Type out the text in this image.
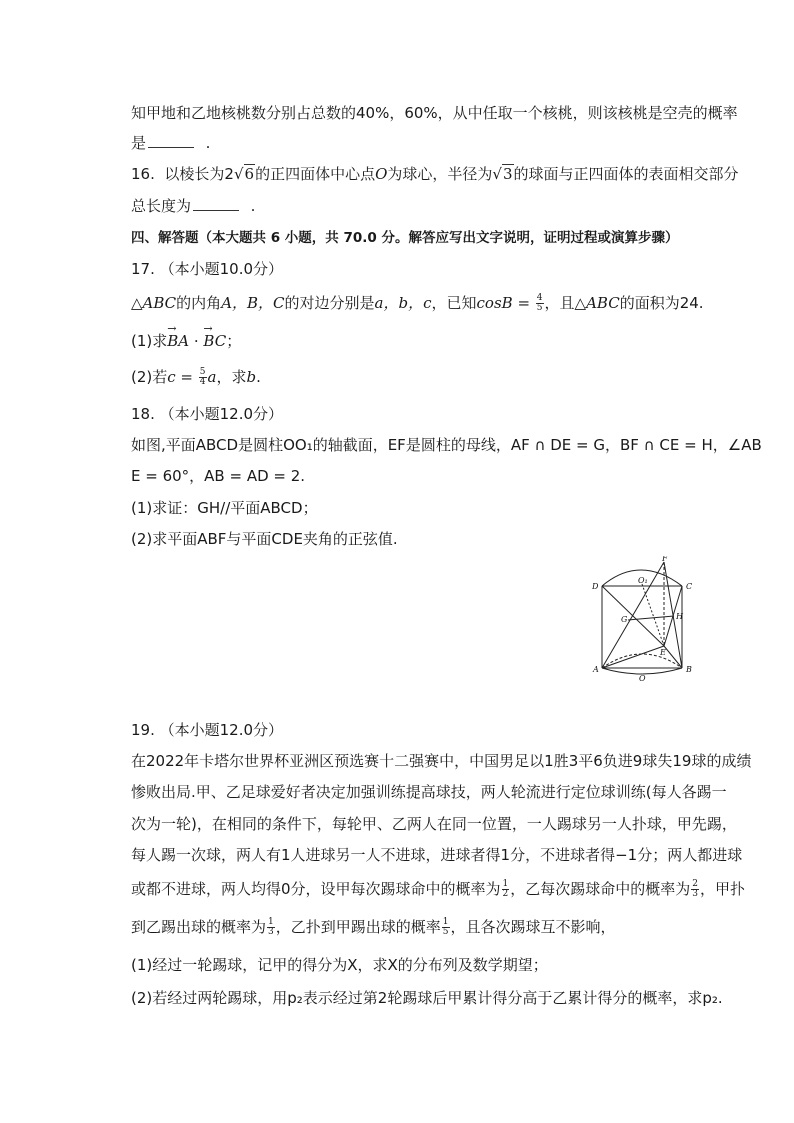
知甲地和乙地核桃数分别占总数的40%，60%，从中任取一个核桃，则该核桃是空壳的概率
是	.
16. 以棱长为2√6的正四面体中心点O为球心，半径为√3的球面与正四面体的表面相交部分
总长度为	.
四、解答题（本大题共 6 小题，共 70.0 分。解答应写出文字说明，证明过程或演算步骤）
17. （本小题10.0分）
△ABC的内角A，B，C的对边分别是a，b，c，已知$\cos B = \frac{4}{5}$ ，且△ABC的面积为24.
(1)求→ BA · → BC；
(2)若$c = \frac{5}{4}$ a，求b.
18. （本小题12.0分）
如图,平面ABCD是圆柱OO₁的轴截面，EF是圆柱的母线，AF ∩ DE = G，BF ∩ CE = H，∠AB
E = 60°，AB = AD = 2.
(1)求证：GH//平面ABCD；
(2)求平面ABF与平面CDE夹角的正弦值.
D	C
F
O₁
G	H
E
A	B
O
19. （本小题12.0分）
在2022年卡塔尔世界杯亚洲区预选赛十二强赛中，中国男足以1胜3平6负进9球失19球的成绩
惨败出局.甲、乙足球爱好者决定加强训练提高球技，两人轮流进行定位球训练(每人各踢一
次为一轮)，在相同的条件下，每轮甲、乙两人在同一位置，一人踢球另一人扑球，甲先踢，
每人踢一次球，两人有1人进球另一人不进球，进球者得1分，不进球者得−1分；两人都进球
或都不进球，两人均得0分，设甲每次踢球命中的概率为 $\frac{1}{2}$ ，乙每次踢球命中的概率为 $\frac{2}{3}$ ，甲扑
到乙踢出球的概率为 $\frac{1}{3}$ ，乙扑到甲踢出球的概率 $\frac{1}{5}$ ，且各次踢球互不影响，
(1)经过一轮踢球，记甲的得分为X，求X的分布列及数学期望；
(2)若经过两轮踢球，用p₂表示经过第2轮踢球后甲累计得分高于乙累计得分的概率，求p₂.
